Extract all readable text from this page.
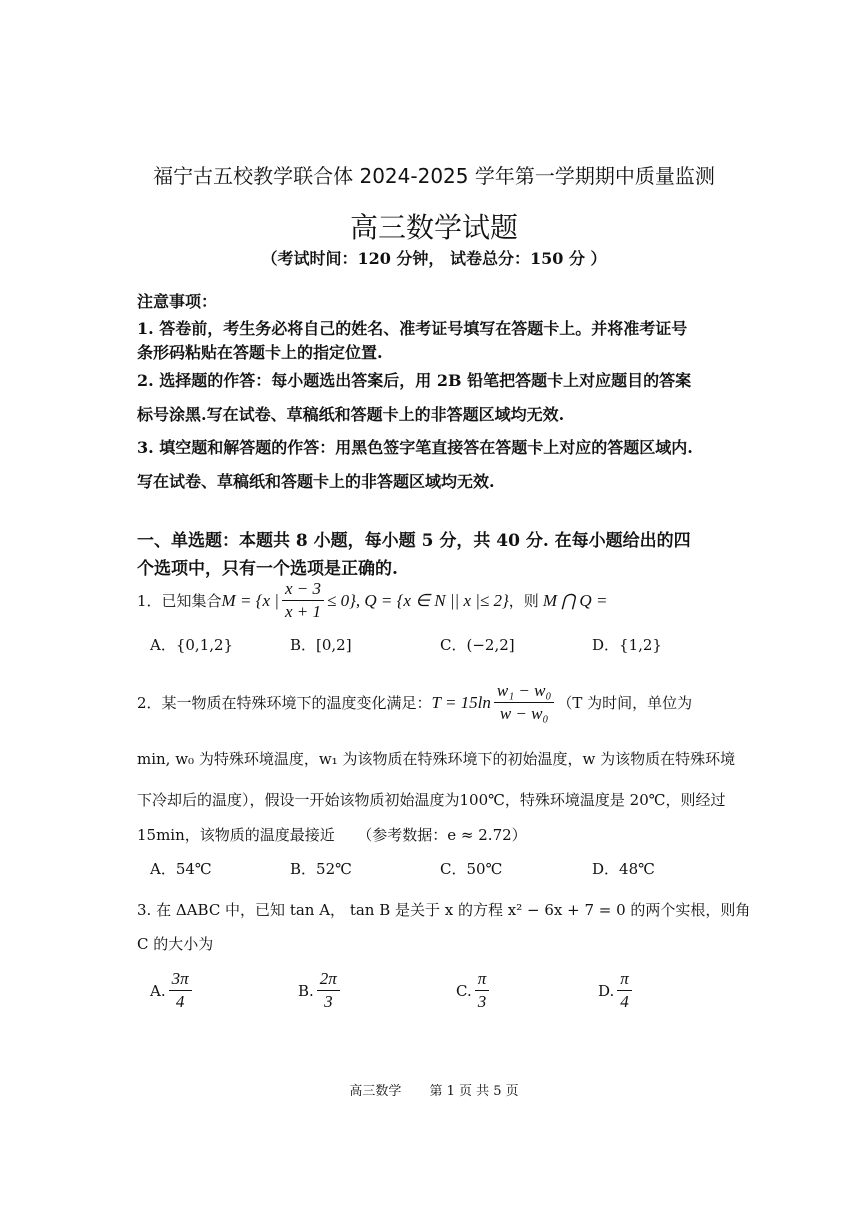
福宁古五校教学联合体 2024-2025 学年第一学期期中质量监测
高三数学试题
（考试时间：120 分钟， 试卷总分：150 分 ）
注意事项：
1. 答卷前，考生务必将自己的姓名、准考证号填写在答题卡上。并将准考证号
条形码粘贴在答题卡上的指定位置.
2. 选择题的作答：每小题选出答案后，用 2B 铅笔把答题卡上对应题目的答案
标号涂黑.写在试卷、草稿纸和答题卡上的非答题区域均无效.
3. 填空题和解答题的作答：用黑色签字笔直接答在答题卡上对应的答题区域内.
写在试卷、草稿纸和答题卡上的非答题区域均无效.
一、单选题：本题共 8 小题，每小题 5 分，共 40 分. 在每小题给出的四
个选项中，只有一个选项是正确的.
1．已知集合 M = {x | $\frac{x - 3}{x + 1} \le 0$}, Q = {x ∈ N || x |≤ 2} ，则 M ⋂ Q =
A．{0,1,2}	B．[0,2]	C．(−2,2]	D．{1,2}
2．某一物质在特殊环境下的温度变化满足： $T = 15\ln \frac{\text{w₁ − w₀}}{\text{w − w₀}} (T$ 为时间，单位为
min, w₀ 为特殊环境温度，w₁ 为该物质在特殊环境下的初始温度，w 为该物质在特殊环境
下冷却后的温度），假设一开始该物质初始温度为100℃，特殊环境温度是 20℃，则经过
15min，该物质的温度最接近　　（参考数据：e ≈ 2.72）
A．54℃	B．52℃	C．50℃	D．48℃
3. 在 ΔABC 中，已知 tan A， tan B 是关于 x 的方程 x² − 6x + 7 = 0 的两个实根，则角
C 的大小为
A. $\frac{3\pi}{4}$	B. $\frac{2\pi}{3}$	C. $\frac{\pi}{3}$	D. $\frac{\pi}{4}$
高三数学 第 1 页 共 5 页
